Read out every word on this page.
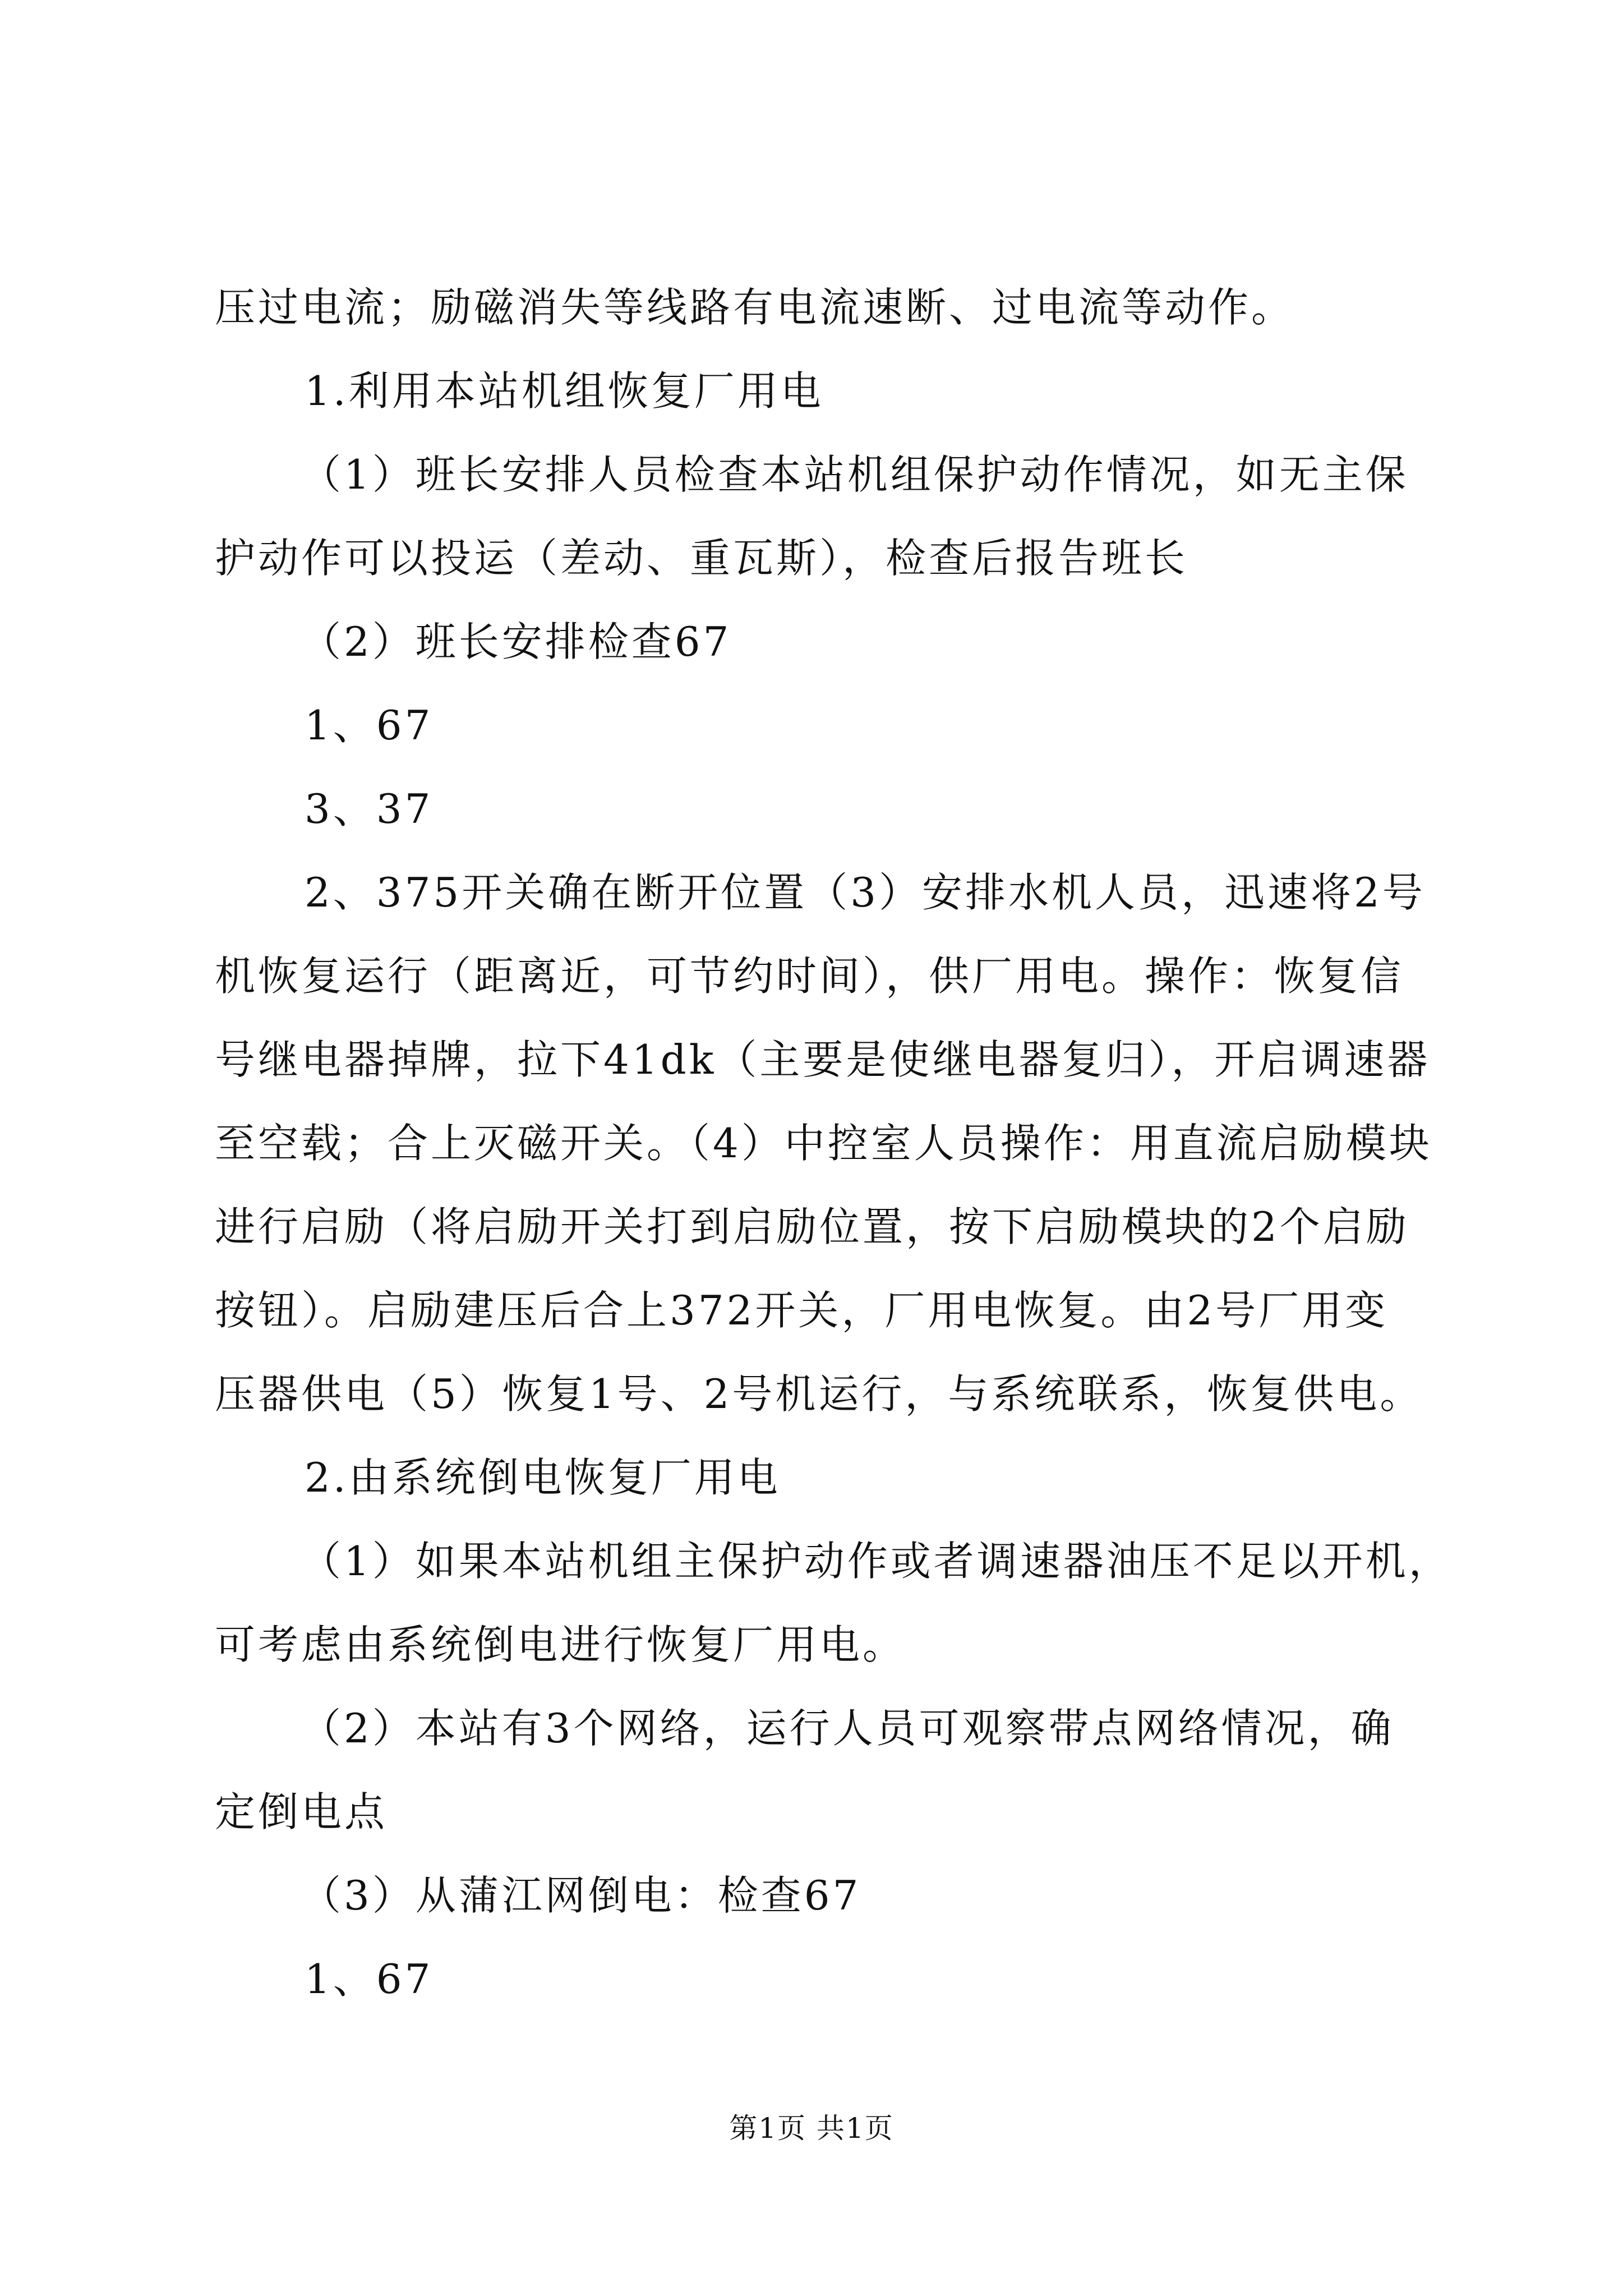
压过电流；励磁消失等线路有电流速断、过电流等动作。
1.利用本站机组恢复厂用电
（1）班长安排人员检查本站机组保护动作情况，如无主保
护动作可以投运（差动、重瓦斯），检查后报告班长
（2）班长安排检查67
1、67
3、37
2、375开关确在断开位置（3）安排水机人员，迅速将2号
机恢复运行（距离近，可节约时间），供厂用电。操作：恢复信
号继电器掉牌，拉下41dk（主要是使继电器复归），开启调速器
至空载；合上灭磁开关。（4）中控室人员操作：用直流启励模块
进行启励（将启励开关打到启励位置，按下启励模块的2个启励
按钮）。启励建压后合上372开关，厂用电恢复。由2号厂用变
压器供电（5）恢复1号、2号机运行，与系统联系，恢复供电。
2.由系统倒电恢复厂用电
（1）如果本站机组主保护动作或者调速器油压不足以开机，
可考虑由系统倒电进行恢复厂用电。
（2）本站有3个网络，运行人员可观察带点网络情况，确
定倒电点
（3）从蒲江网倒电：检查67
1、67
第1页 共1页
